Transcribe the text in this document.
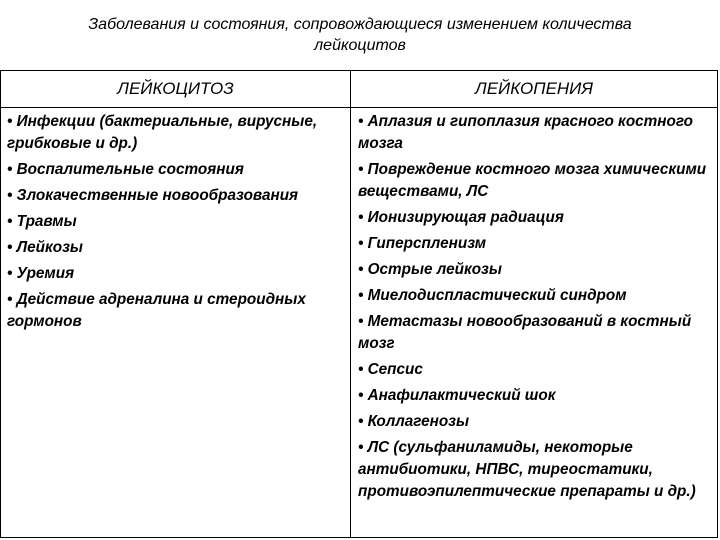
Заболевания и состояния, сопровождающиеся изменением количества
лейкоцитов
ЛЕЙКОЦИТОЗ	ЛЕЙКОПЕНИЯ
• Инфекции (бактериальные, вирусные, грибковые и др.)
• Воспалительные состояния
• Злокачественные новообразования
• Травмы
• Лейкозы
• Уремия
• Действие адреналина и стероидных гормонов
• Аплазия и гипоплазия красного костного мозга
• Повреждение костного мозга химическими веществами, ЛС
• Ионизирующая радиация
• Гиперспленизм
• Острые лейкозы
• Миелодиспластический синдром
• Метастазы новообразований в костный мозг
• Сепсис
• Анафилактический шок
• Коллагенозы
• ЛС (сульфаниламиды, некоторые антибиотики, НПВС, тиреостатики, противоэпилептические препараты и др.)
